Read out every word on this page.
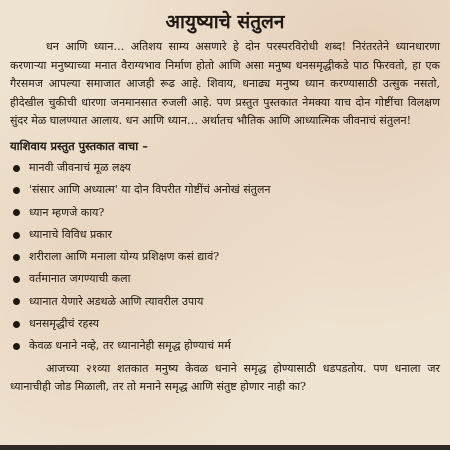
आयुष्याचे संतुलन

धन आणि ध्यान… अतिशय साम्य असणारे हे दोन परस्परविरोधी शब्द! निरंतरतेने ध्यानधारणा करणाऱ्या मनुष्याच्या मनात वैराग्यभाव निर्माण होतो आणि असा मनुष्य धनसमृद्धीकडे पाठ फिरवतो, हा एक गैरसमज आपल्या समाजात आजही रूढ आहे. शिवाय, धनाढ्य मनुष्य ध्यान करण्यासाठी उत्सुक नसतो, हीदेखील चुकीची धारणा जनमानसात रुजली आहे. पण प्रस्तुत पुस्तकात नेमक्या याच दोन गोष्टींचा विलक्षण सुंदर मेळ घालण्यात आलाय. धन आणि ध्यान… अर्थातच भौतिक आणि आध्यात्मिक जीवनाचं संतुलन!

याशिवाय प्रस्तुत पुस्तकात वाचा –
मानवी जीवनाचं मूळ लक्ष्य
'संसार आणि अध्यात्म' या दोन विपरीत गोष्टींचं अनोखं संतुलन
ध्यान म्हणजे काय?
ध्यानाचे विविध प्रकार
शरीराला आणि मनाला योग्य प्रशिक्षण कसं द्यावं?
वर्तमानात जगण्याची कला
ध्यानात येणारे अडथळे आणि त्यावरील उपाय
धनसमृद्धीचं रहस्य
केवळ धनाने नव्हे, तर ध्यानानेही समृद्ध होण्याचं मर्म

आजच्या २१व्या शतकात मनुष्य केवळ धनाने समृद्ध होण्यासाठी धडपडतोय. पण धनाला जर ध्यानाचीही जोड मिळाली, तर तो मनाने समृद्ध आणि संतुष्ट होणार नाही का?
